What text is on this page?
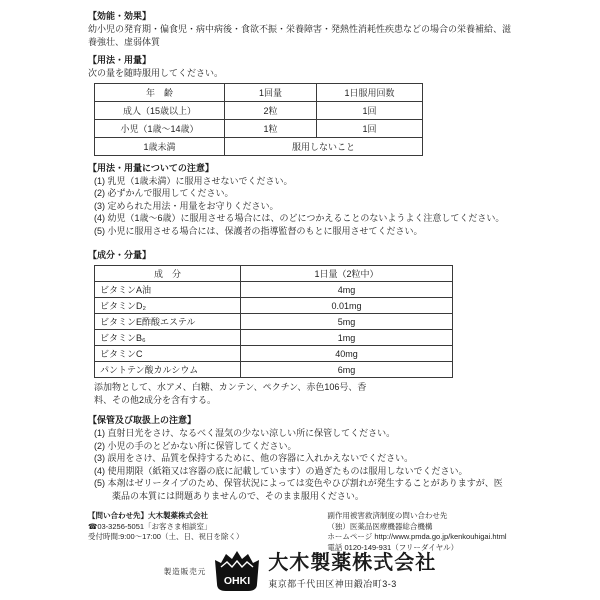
【効能・効果】
幼小児の発育期・偏食児・病中病後・食欲不振・栄養障害・発熱性消耗性疾患などの場合の栄養補給、滋養強壮、虚弱体質
【用法・用量】
次の量を随時服用してください。
年　齢	1回量	1日服用回数
成人（15歳以上）	2粒	1回
小児（1歳～14歳）	1粒	1回
1歳未満	服用しないこと	
【用法・用量についての注意】
(1) 乳児（1歳未満）に服用させないでください。
(2) 必ずかんで服用してください。
(3) 定められた用法・用量をお守りください。
(4) 幼児（1歳～6歳）に服用させる場合には、のどにつかえることのないようよく注意してください。
(5) 小児に服用させる場合には、保護者の指導監督のもとに服用させてください。
【成分・分量】
成　分	1日量（2粒中）
ビタミンA油	4mg
ビタミンD₂	0.01mg
ビタミンE酢酸エステル	5mg
ビタミンB₆	1mg
ビタミンC	40mg
パントテン酸カルシウム	6mg
添加物として、水アメ、白糖、カンテン、ペクチン、赤色106号、香料、その他2成分を含有する。
【保管及び取扱上の注意】
(1) 直射日光をさけ、なるべく湿気の少ない涼しい所に保管してください。
(2) 小児の手のとどかない所に保管してください。
(3) 誤用をさけ、品質を保持するために、他の容器に入れかえないでください。
(4) 使用期限（紙箱又は容器の底に記載しています）の過ぎたものは服用しないでください。
(5) 本剤はゼリータイプのため、保管状況によっては変色やひび割れが発生することがありますが、医薬品の本質には問題ありませんので、そのまま服用ください。
【問い合わせ先】大木製薬株式会社
☎03-3256-5051「お客さま相談室」
受付時間:9:00～17:00（土、日、祝日を除く）
副作用被害救済制度の問い合わせ先
（独）医薬品医療機器総合機構
ホームページ http://www.pmda.go.jp/kenkouhigai.html
電話 0120-149-931（フリーダイヤル）
製造販売元
OHKI
大木製薬株式会社
東京都千代田区神田鍛冶町3-3
